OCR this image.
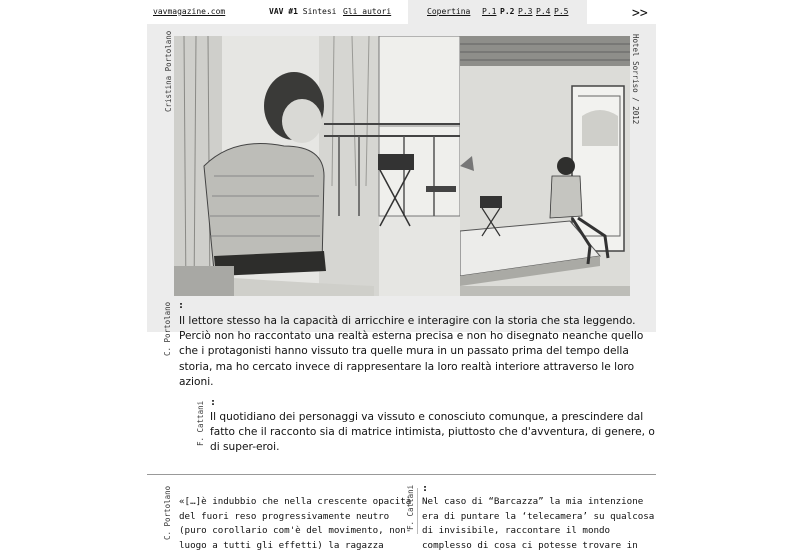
vavmagazine.com	VAV #1 Sintesi Gli autori	Copertina P.1 P.2 P.3 P.4 P.5	>>
Cristina Portolano	Hotel Sorriso / 2012
C. Portolano :
Il lettore stesso ha la capacità di arricchire e interagire con la storia che sta leggendo. Perciò non ho raccontato una realtà esterna precisa e non ho disegnato neanche quello che i protagonisti hanno vissuto tra quelle mura in un passato prima del tempo della storia, ma ho cercato invece di rappresentare la loro realtà interiore attraverso le loro azioni.
F. Cattani :
Il quotidiano dei personaggi va vissuto e conosciuto comunque, a prescindere dal fatto che il racconto sia di matrice intimista, piuttosto che d'avventura, di genere, o di super-eroi.
C. Portolano «[…]è indubbio che nella crescente opacità
del fuori reso progressivamente neutro
(puro corollario com'è del movimento, non-
luogo a tutti gli effetti) la ragazza
F. Cattani :
Nel caso di “Barcazza” la mia intenzione
era di puntare la ‘telecamera’ su qualcosa
di invisibile, raccontare il mondo
complesso di cosa ci potesse trovare in
